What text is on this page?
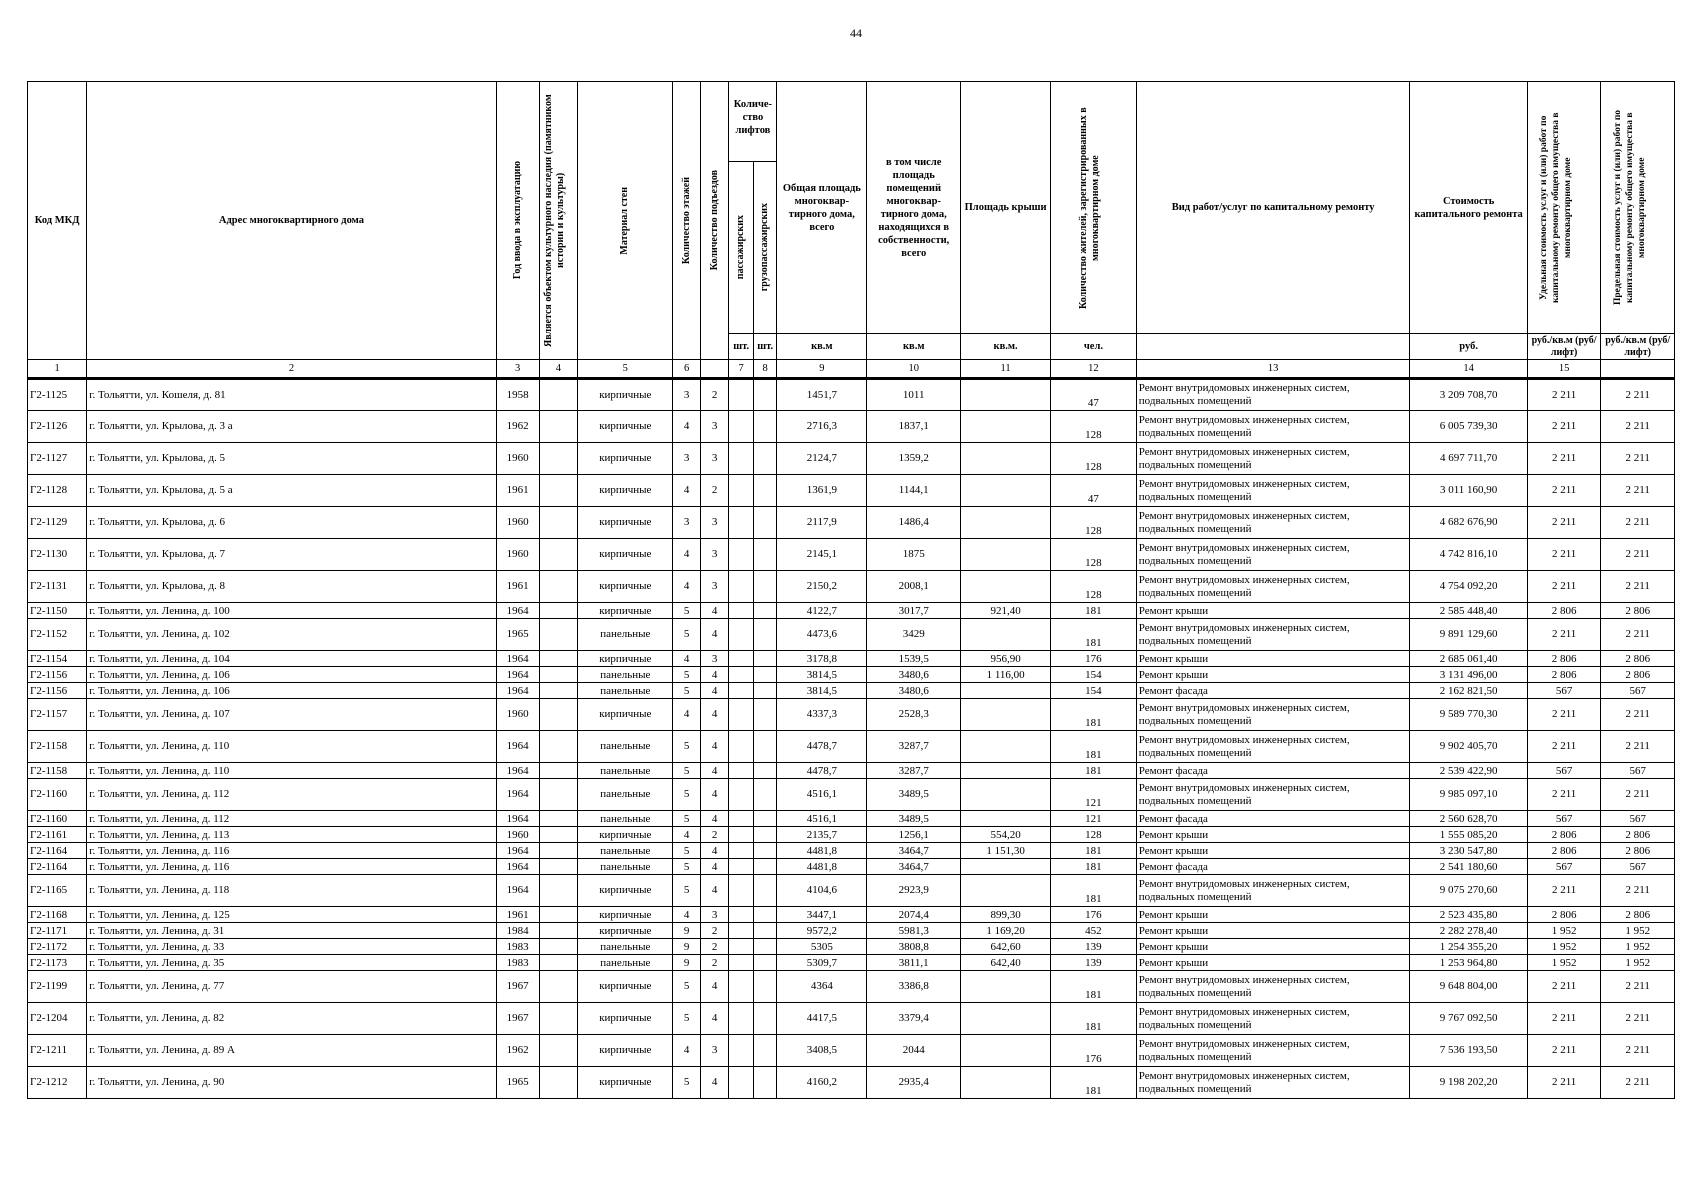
44
Код МКД	Адрес многоквартирного дома	Год ввода в эксплуатацию	Является объектом культурного наследия (памятником истории и культуры)	Материал стен	Количество этажей	Количество подъездов	Количе-ство лифтов		Общая площадь многоквар-тирного дома, всего	в том числе площадь помещений многоквар-тирного дома, находящихся в собственности, всего	Площадь крыши	Количество жителей, зарегистрированных в многоквартирном доме	Вид работ/услуг по капитальному ремонту	Стоимость капитального ремонта	Удельная стоимость услуг и (или) работ по капитальному ремонту общего имущества в многоквартирном доме	Предельная стоимость услуг и (или) работ по капитальному ремонту общего имущества в многоквартирном доме

							пассажирских	грузопассажирских								

							шт.	шт.	кв.м	кв.м	кв.м.	чел.		руб.	руб./кв.м (руб/лифт)	руб./кв.м (руб/лифт)
1	2	3	4	5	6		7	8	9	10	11	12	13	14	15	
Г2-1125	г. Тольятти, ул. Кошеля, д. 81	1958		кирпичные	3	2			1451,7	1011		47	Ремонт внутридомовых инженерных систем, подвальных помещений	3 209 708,70	2 211	2 211
Г2-1126	г. Тольятти, ул. Крылова, д. 3 а	1962		кирпичные	4	3			2716,3	1837,1		128	Ремонт внутридомовых инженерных систем, подвальных помещений	6 005 739,30	2 211	2 211
Г2-1127	г. Тольятти, ул. Крылова, д. 5	1960		кирпичные	3	3			2124,7	1359,2		128	Ремонт внутридомовых инженерных систем, подвальных помещений	4 697 711,70	2 211	2 211
Г2-1128	г. Тольятти, ул. Крылова, д. 5 а	1961		кирпичные	4	2			1361,9	1144,1		47	Ремонт внутридомовых инженерных систем, подвальных помещений	3 011 160,90	2 211	2 211
Г2-1129	г. Тольятти, ул. Крылова, д. 6	1960		кирпичные	3	3			2117,9	1486,4		128	Ремонт внутридомовых инженерных систем, подвальных помещений	4 682 676,90	2 211	2 211
Г2-1130	г. Тольятти, ул. Крылова, д. 7	1960		кирпичные	4	3			2145,1	1875		128	Ремонт внутридомовых инженерных систем, подвальных помещений	4 742 816,10	2 211	2 211
Г2-1131	г. Тольятти, ул. Крылова, д. 8	1961		кирпичные	4	3			2150,2	2008,1		128	Ремонт внутридомовых инженерных систем, подвальных помещений	4 754 092,20	2 211	2 211
Г2-1150	г. Тольятти, ул. Ленина, д. 100	1964		кирпичные	5	4			4122,7	3017,7	921,40	181	Ремонт крыши	2 585 448,40	2 806	2 806
Г2-1152	г. Тольятти, ул. Ленина, д. 102	1965		панельные	5	4			4473,6	3429		181	Ремонт внутридомовых инженерных систем, подвальных помещений	9 891 129,60	2 211	2 211
Г2-1154	г. Тольятти, ул. Ленина, д. 104	1964		кирпичные	4	3			3178,8	1539,5	956,90	176	Ремонт крыши	2 685 061,40	2 806	2 806
Г2-1156	г. Тольятти, ул. Ленина, д. 106	1964		панельные	5	4			3814,5	3480,6	1 116,00	154	Ремонт крыши	3 131 496,00	2 806	2 806
Г2-1156	г. Тольятти, ул. Ленина, д. 106	1964		панельные	5	4			3814,5	3480,6		154	Ремонт фасада	2 162 821,50	567	567
Г2-1157	г. Тольятти, ул. Ленина, д. 107	1960		кирпичные	4	4			4337,3	2528,3		181	Ремонт внутридомовых инженерных систем, подвальных помещений	9 589 770,30	2 211	2 211
Г2-1158	г. Тольятти, ул. Ленина, д. 110	1964		панельные	5	4			4478,7	3287,7		181	Ремонт внутридомовых инженерных систем, подвальных помещений	9 902 405,70	2 211	2 211
Г2-1158	г. Тольятти, ул. Ленина, д. 110	1964		панельные	5	4			4478,7	3287,7		181	Ремонт фасада	2 539 422,90	567	567
Г2-1160	г. Тольятти, ул. Ленина, д. 112	1964		панельные	5	4			4516,1	3489,5		121	Ремонт внутридомовых инженерных систем, подвальных помещений	9 985 097,10	2 211	2 211
Г2-1160	г. Тольятти, ул. Ленина, д. 112	1964		панельные	5	4			4516,1	3489,5		121	Ремонт фасада	2 560 628,70	567	567
Г2-1161	г. Тольятти, ул. Ленина, д. 113	1960		кирпичные	4	2			2135,7	1256,1	554,20	128	Ремонт крыши	1 555 085,20	2 806	2 806
Г2-1164	г. Тольятти, ул. Ленина, д. 116	1964		панельные	5	4			4481,8	3464,7	1 151,30	181	Ремонт крыши	3 230 547,80	2 806	2 806
Г2-1164	г. Тольятти, ул. Ленина, д. 116	1964		панельные	5	4			4481,8	3464,7		181	Ремонт фасада	2 541 180,60	567	567
Г2-1165	г. Тольятти, ул. Ленина, д. 118	1964		кирпичные	5	4			4104,6	2923,9		181	Ремонт внутридомовых инженерных систем, подвальных помещений	9 075 270,60	2 211	2 211
Г2-1168	г. Тольятти, ул. Ленина, д. 125	1961		кирпичные	4	3			3447,1	2074,4	899,30	176	Ремонт крыши	2 523 435,80	2 806	2 806
Г2-1171	г. Тольятти, ул. Ленина, д. 31	1984		кирпичные	9	2			9572,2	5981,3	1 169,20	452	Ремонт крыши	2 282 278,40	1 952	1 952
Г2-1172	г. Тольятти, ул. Ленина, д. 33	1983		панельные	9	2			5305	3808,8	642,60	139	Ремонт крыши	1 254 355,20	1 952	1 952
Г2-1173	г. Тольятти, ул. Ленина, д. 35	1983		панельные	9	2			5309,7	3811,1	642,40	139	Ремонт крыши	1 253 964,80	1 952	1 952
Г2-1199	г. Тольятти, ул. Ленина, д. 77	1967		кирпичные	5	4			4364	3386,8		181	Ремонт внутридомовых инженерных систем, подвальных помещений	9 648 804,00	2 211	2 211
Г2-1204	г. Тольятти, ул. Ленина, д. 82	1967		кирпичные	5	4			4417,5	3379,4		181	Ремонт внутридомовых инженерных систем, подвальных помещений	9 767 092,50	2 211	2 211
Г2-1211	г. Тольятти, ул. Ленина, д. 89 А	1962		кирпичные	4	3			3408,5	2044		176	Ремонт внутридомовых инженерных систем, подвальных помещений	7 536 193,50	2 211	2 211
Г2-1212	г. Тольятти, ул. Ленина, д. 90	1965		кирпичные	5	4			4160,2	2935,4		181	Ремонт внутридомовых инженерных систем, подвальных помещений	9 198 202,20	2 211	2 211
